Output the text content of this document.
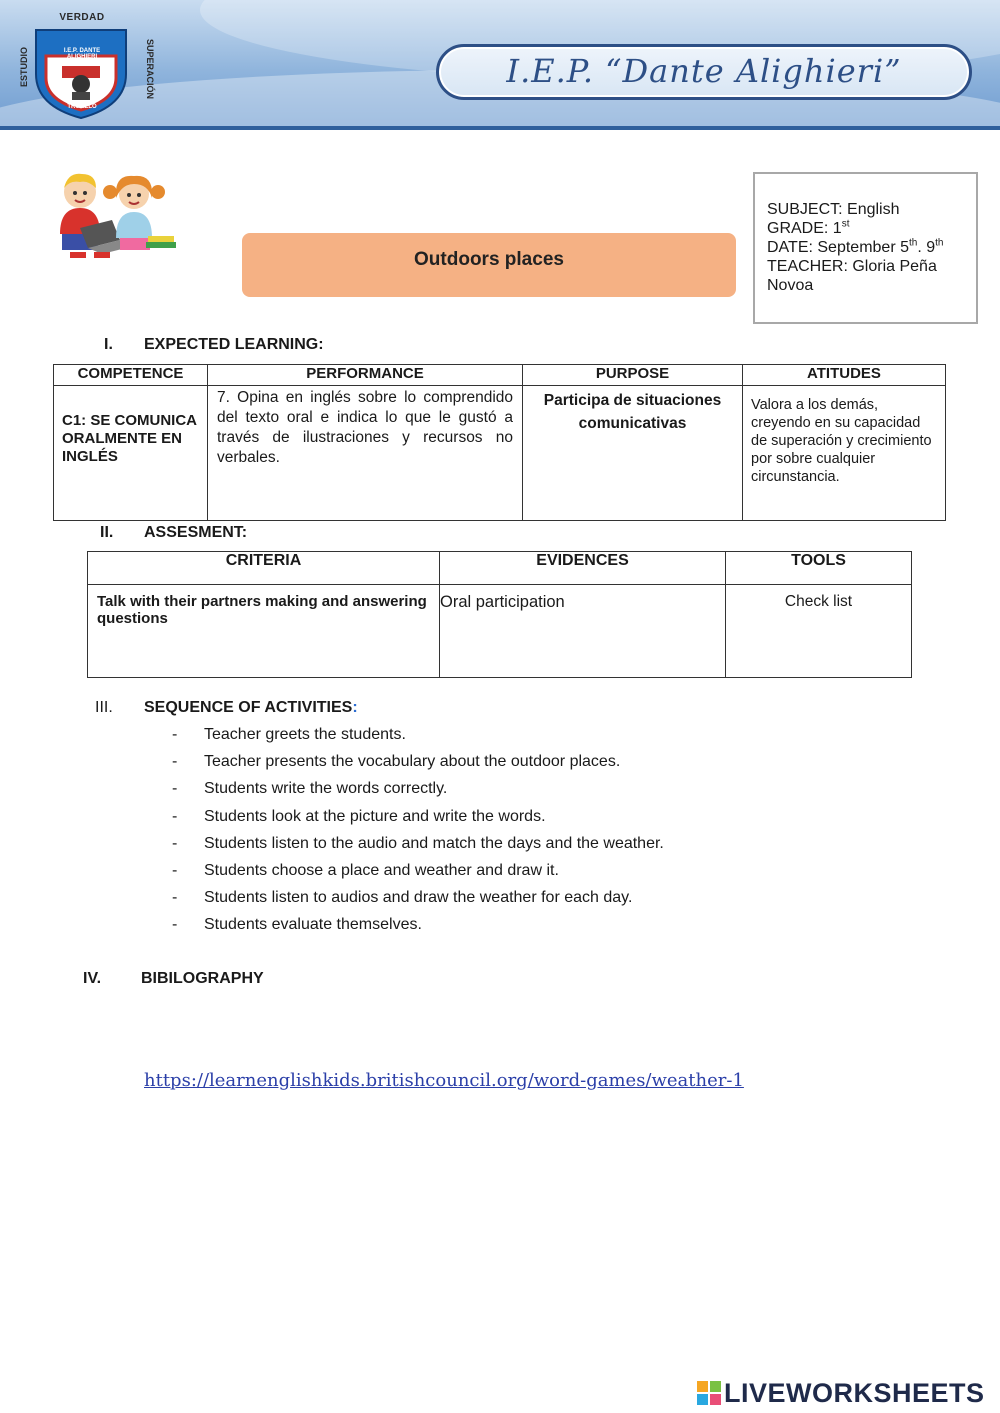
VERDAD
ESTUDIO	SUPERACIÓN
I.E.P. DANTE ALIGHIERI
TRUJILLO
I.E.P. “Dante Alighieri”
Outdoors places
SUBJECT: English
GRADE: 1st
DATE: September 5th. 9th
TEACHER: Gloria Peña Novoa
I. EXPECTED LEARNING:
COMPETENCE	PERFORMANCE	PURPOSE	ATITUDES
C1: SE COMUNICA ORALMENTE EN INGLÉS	7. Opina en inglés sobre lo comprendido del texto oral e indica lo que le gustó a través de ilustraciones y recursos no verbales.	Participa de situaciones comunicativas	Valora a los demás, creyendo en su capacidad de superación y crecimiento por sobre cualquier circunstancia.
II. ASSESMENT:
CRITERIA	EVIDENCES	TOOLS
Talk with their partners making and answering questions	Oral participation	Check list
III. SEQUENCE OF ACTIVITIES:
- Teacher greets the students.
- Teacher presents the vocabulary about the outdoor places.
- Students write the words correctly.
- Students look at the picture and write the words.
- Students listen to the audio and match the days and the weather.
- Students choose a place and weather and draw it.
- Students listen to audios and draw the weather for each day.
- Students evaluate themselves.
IV. BIBILOGRAPHY
https://learnenglishkids.britishcouncil.org/word-games/weather-1
LIVEWORKSHEETS
